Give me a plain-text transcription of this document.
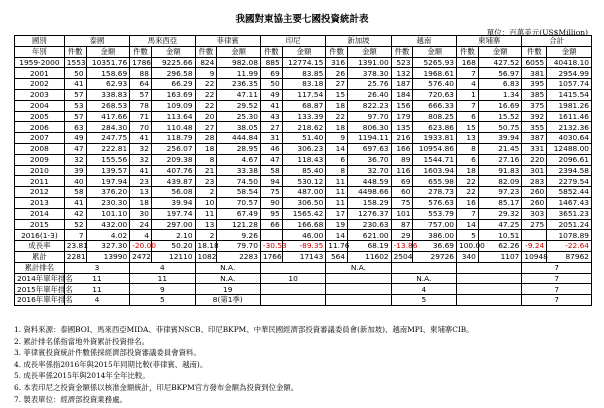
我國對東協主要七國投資統計表
單位：百萬美元(US$Million)
國別	泰國		馬來西亞		菲律賓		印尼		新加坡		越南		柬埔寨		合計	
年別	件數	金額	件數	金額	件數	金額	件數	金額	件數	金額	件數	金額	件數	金額	件數	金額
1959-2000	1553	10351.76	1786	9225.66	824	982.08	885	12774.15	316	1391.00	523	5265.93	168	427.52	6055	40418.10
2001	50	158.69	88	296.58	9	11.99	69	83.85	26	378.30	132	1968.61	7	56.97	381	2954.99
2002	41	62.93	64	66.29	22	236.35	50	83.18	27	25.76	187	576.40	4	6.83	395	1057.74
2003	57	338.83	57	163.69	22	47.11	49	117.54	15	26.40	184	720.63	1	1.34	385	1415.54
2004	53	268.53	78	109.09	22	29.52	41	68.87	18	822.23	156	666.33	7	16.69	375	1981.26
2005	57	417.66	71	113.64	20	25.30	43	133.39	22	97.70	179	808.25	6	15.52	392	1611.46
2006	63	284.30	70	110.48	27	38.05	27	218.62	18	806.30	135	623.86	15	50.75	355	2132.36
2007	49	247.75	41	118.79	28	444.84	31	51.40	9	1194.11	216	1933.81	13	39.94	387	4030.64
2008	47	222.81	32	256.07	18	28.95	46	306.23	14	697.63	166	10954.86	8	21.45	331	12488.00
2009	32	155.56	32	209.38	8	4.67	47	118.43	6	36.70	89	1544.71	6	27.16	220	2096.61
2010	39	139.57	41	407.76	21	33.38	58	85.40	8	32.70	116	1603.94	18	91.83	301	2394.58
2011	40	197.94	23	439.87	23	74.50	94	530.12	11	448.59	69	655.98	22	82.09	283	2279.54
2012	58	376.20	13	56.08	2	58.54	75	487.00	11	4498.66	60	278.73	22	97.23	260	5852.44
2013	41	230.30	18	39.94	10	70.57	90	306.50	11	158.29	75	576.63	16	85.17	260	1467.43
2014	42	101.10	30	197.74	11	67.49	95	1565.42	17	1276.37	101	553.79	7	29.32	303	3651.23
2015	52	432.00	24	297.00	13	121.28	66	166.68	19	230.63	87	757.00	14	47.25	275	2051.24
2016(1-3)	7	4.02	4	2.10	2	9.26		46.00	14	621.00	29	386.00	5	10.51		1078.89
成長率	23.81	327.30	-20.00	50.20	18.18	79.70	-30.53	-89.35	11.76	68.19	-13.86	36.69	100.00	62.26	-9.24	-22.64
累計	2281	13990	2472	12110	1082	2283	1766	17143	564	11602	2504	29726	340	1107	10948	87962
累計排名	3		4		N.A.				N.A.						7	
2014年單年排名	11		11		N.A.		10				N.A.				7	
2015年單年排名	11		9		19						4				7	
2016年單年排名	4		5		8(第1季)						5				7	
1. 資料來源：泰國BOI、馬來西亞MIDA、菲律賓NSCB、印尼BKPM、中華民國經濟部投資審議委員會(新加坡)、越南MPI、柬埔寨CIB。
2. 累計排名係指當地外資累計投資排名。
3. 菲律賓投資統計件數係採經濟部投資審議委員會資料。
4. 成長率係指2016年與2015年同期比較(菲律賓、越南)。
5. 成長率係2015年與2014年全年比較。
6. 本表印尼之投資金額係以核准金額統計，印尼BKPM官方發布金額為投資到位金額。
7. 製表單位：經濟部投資業務處。
